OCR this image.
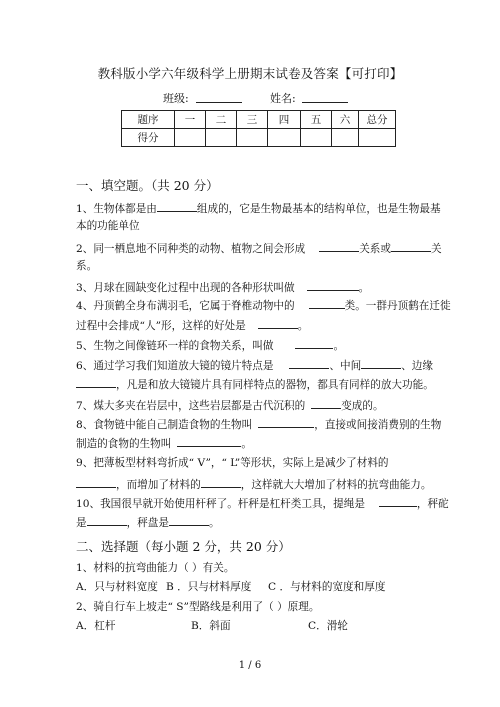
教科版小学六年级科学上册期末试卷及答案【可打印】
班级:	姓名:
题序	一	二	三	四	五	六	总分
得分							
一、填空题。（共 20 分）
1、生物体都是由	组成的，它是生物最基本的结构单位，也是生物最基
本的功能单位
2、同一栖息地不同种类的动物、植物之间会形成	关系或	关
系。
3、月球在圆缺变化过程中出现的各种形状叫做	。
4、丹顶鹤全身布满羽毛，它属于脊椎动物中的	类。一群丹顶鹤在迁徙
过程中会排成“人”形，这样的好处是	。
5、生物之间像链环一样的食物关系，叫做	。
6、通过学习我们知道放大镜的镜片特点是	、中间	、边缘
，凡是和放大镜镜片具有同样特点的器物，都具有同样的放大功能。
7、煤大多夹在岩层中，这些岩层都是古代沉积的	变成的。
8、食物链中能自己制造食物的生物叫	，直接或间接消费别的生物
制造的食物的生物叫	。
9、把薄板型材料弯折成“ V”，“ L”等形状，实际上是减少了材料的
，而增加了材料的	，这样就大大增加了材料的抗弯曲能力。
10、我国很早就开始使用杆秤了。杆秤是杠杆类工具，提绳是	，秤砣
是	，秤盘是	。
二、选择题（每小题 2 分，共 20 分）
1、材料的抗弯曲能力（ ）有关。
A．只与材料宽度 B ．只与材料厚度 C ．与材料的宽度和厚度
2、骑自行车上坡走“ S”型路线是利用了（ ）原理。
A．杠杆	B．斜面	C．滑轮
1 / 6
